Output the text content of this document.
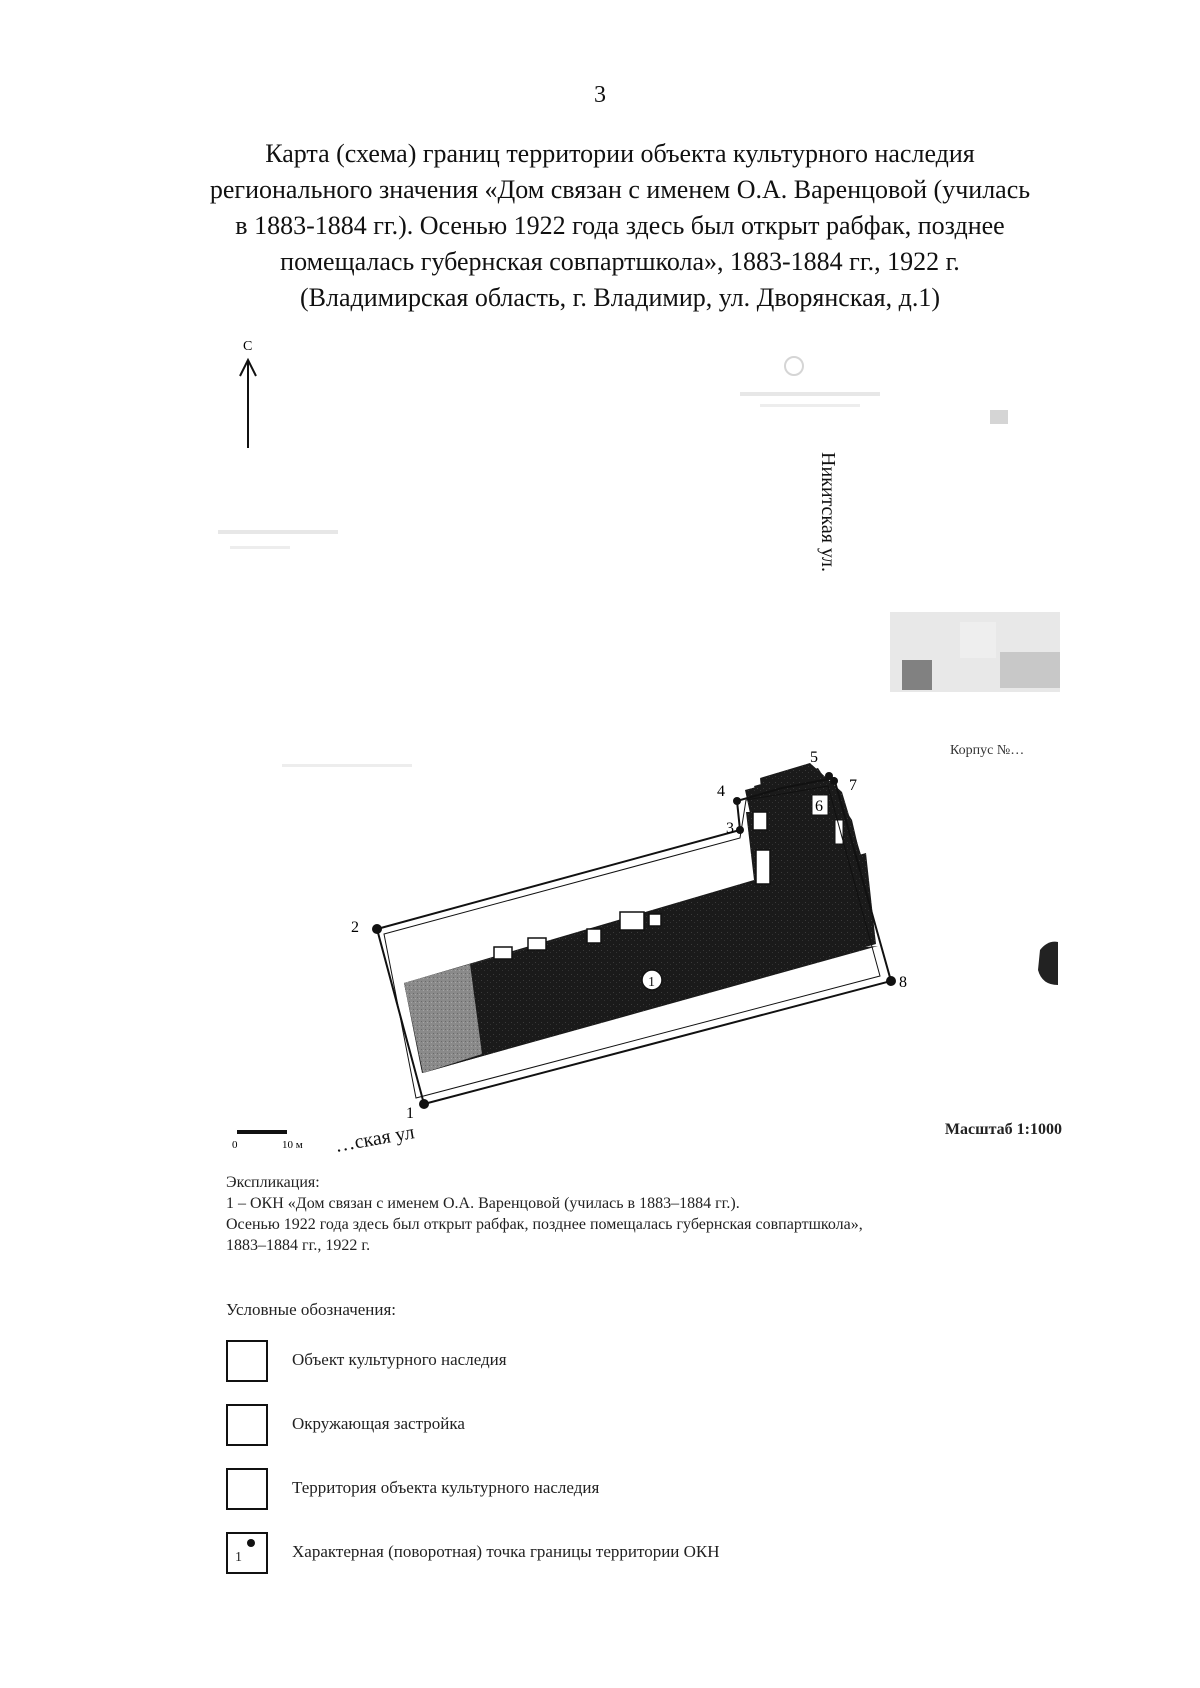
3
Карта (схема) границ территории объекта культурного наследия
регионального значения «Дом связан с именем О.А. Варенцовой (училась
в 1883-1884 гг.). Осенью 1922 года здесь был открыт рабфак, позднее
помещалась губернская совпартшкола», 1883-1884 гг., 1922 г.
(Владимирская область, г. Владимир, ул. Дворянская, д.1)
С
Корпус №…
Никитская ул.
…ская ул
1
1
2
3
4
5
6
7
8
0	10 м
Масштаб 1:1000
Экспликация:
1 – ОКН «Дом связан с именем О.А. Варенцовой (училась в 1883–1884 гг.).
Осенью 1922 года здесь был открыт рабфак, позднее помещалась губернская совпартшкола»,
1883–1884 гг., 1922 г.
Условные обозначения:
Объект культурного наследия
Окружающая застройка
Территория объекта культурного наследия
1	Характерная (поворотная) точка границы территории ОКН
